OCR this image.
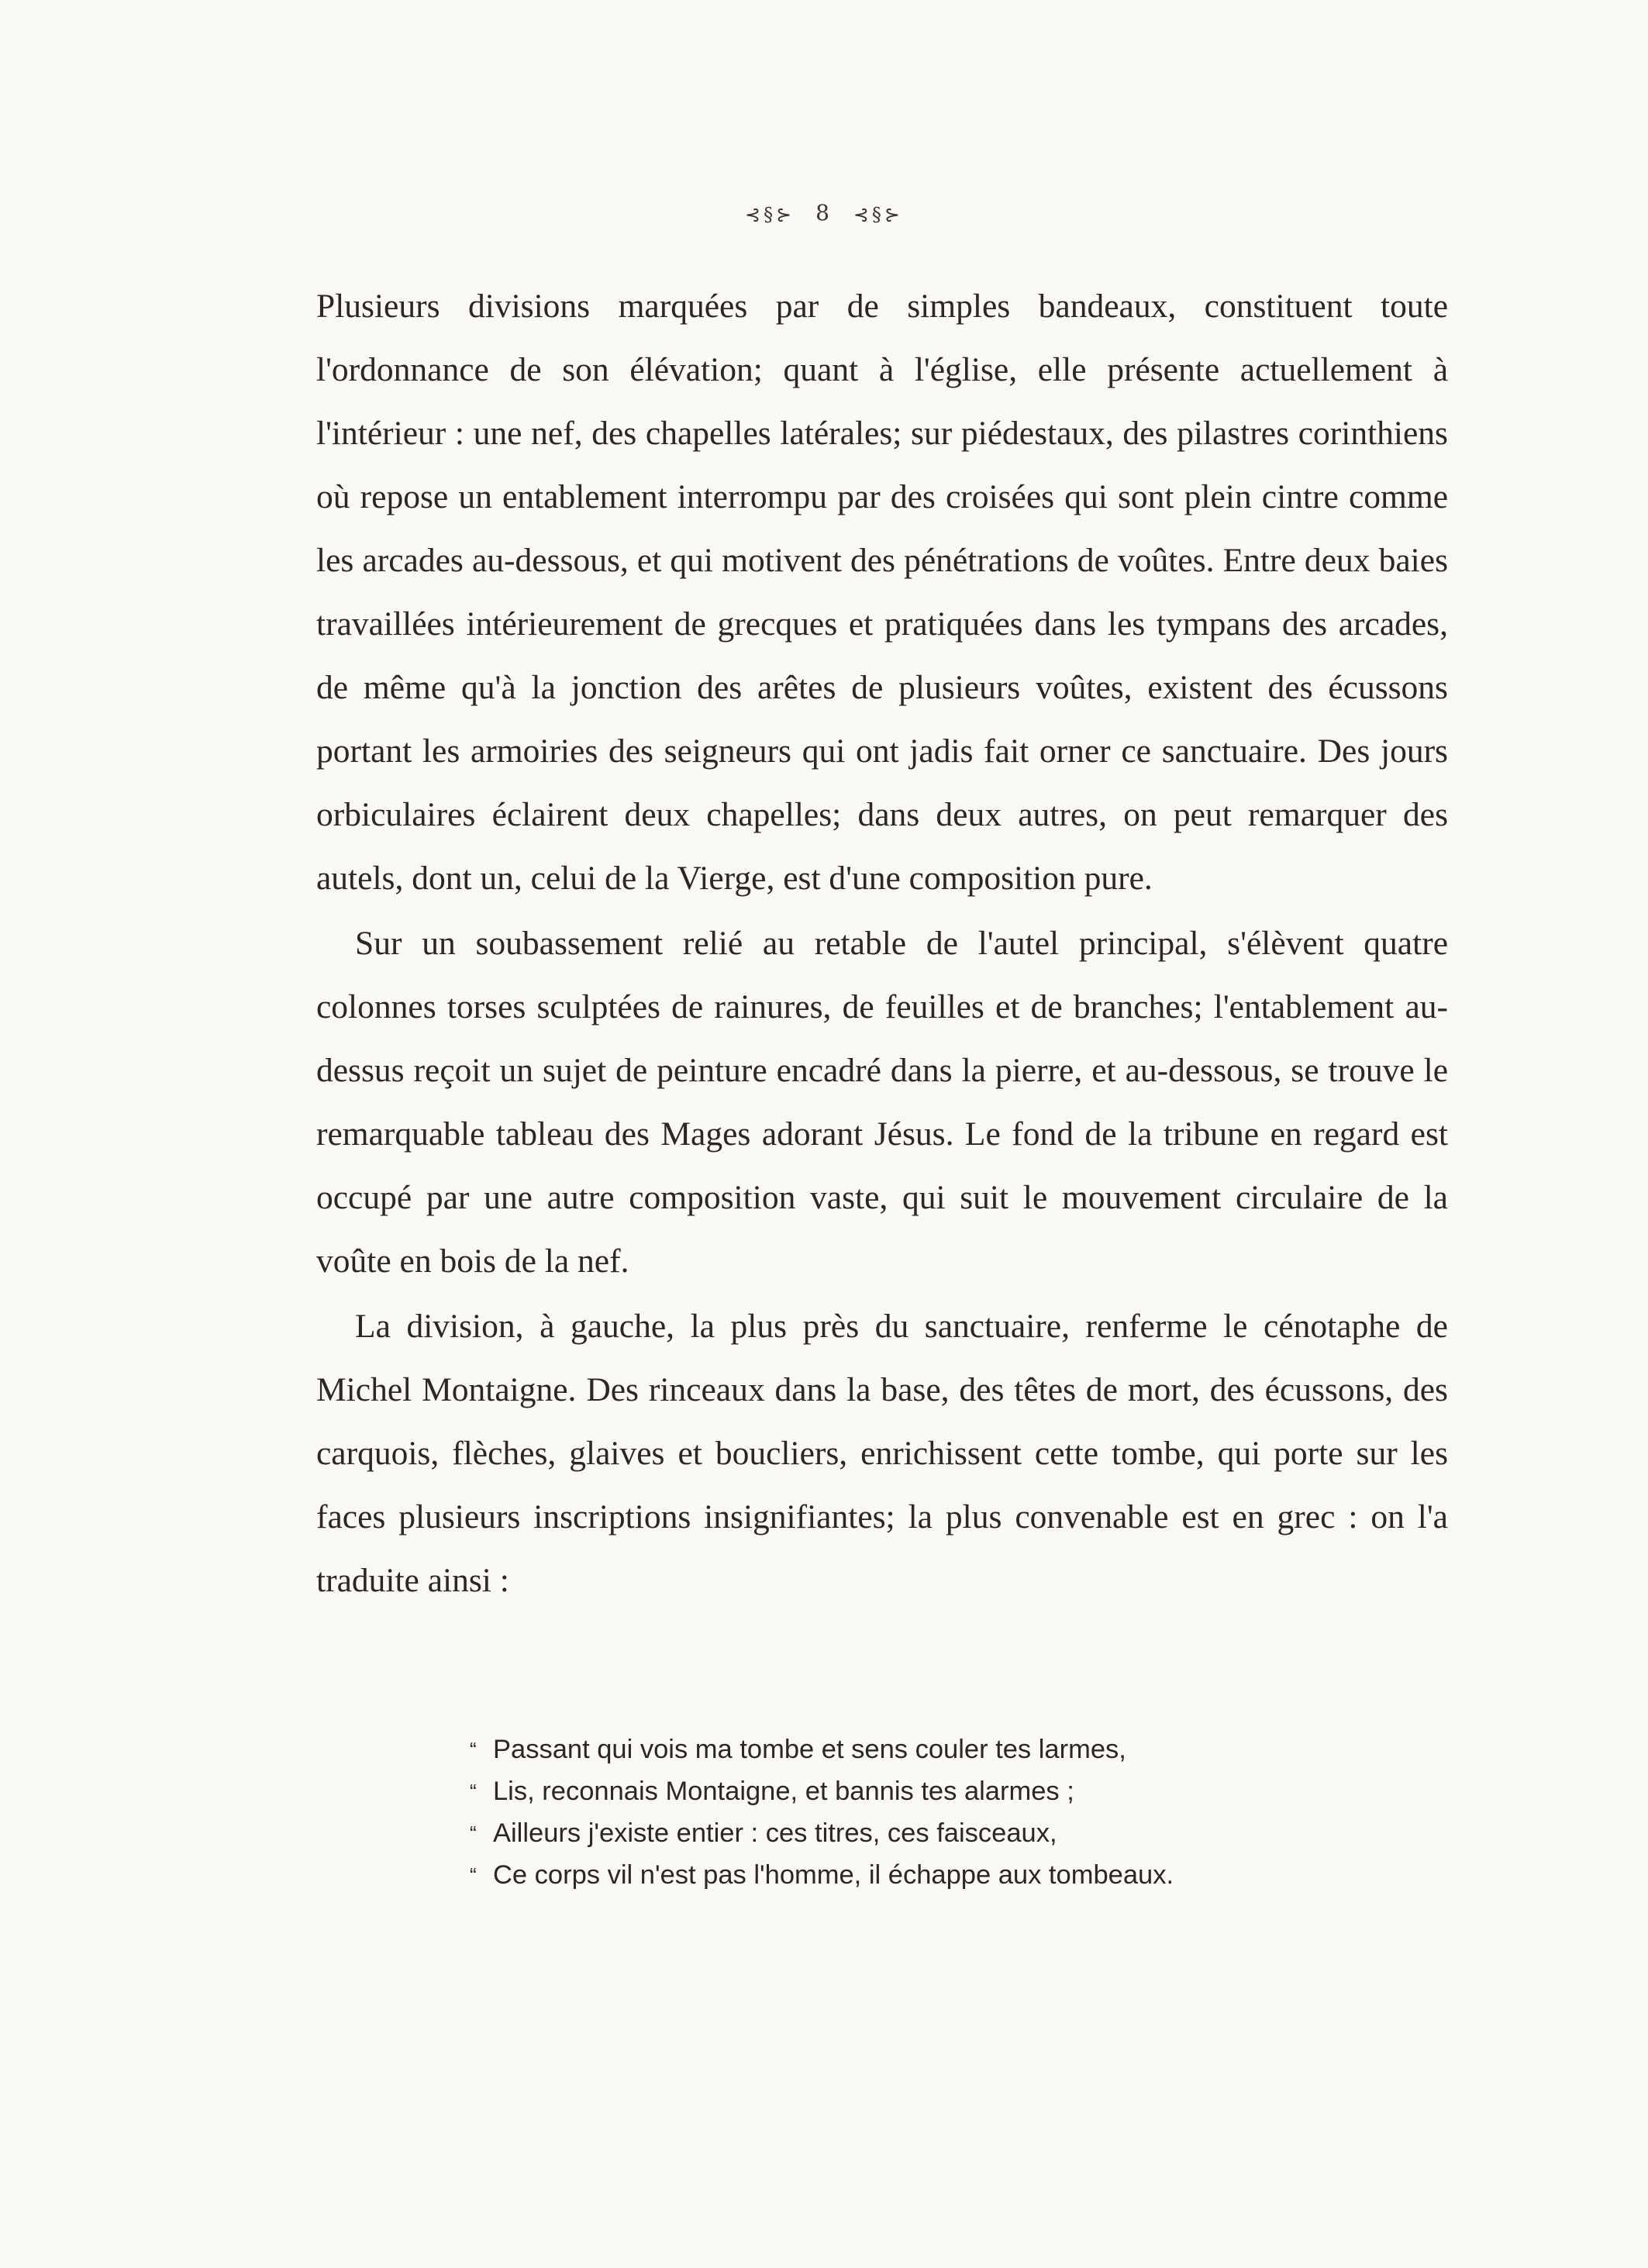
⊰§⊱ 8 ⊰§⊱

Plusieurs divisions marquées par de simples bandeaux, constituent toute l'ordonnance de son élévation; quant à l'église, elle présente actuellement à l'intérieur : une nef, des chapelles latérales; sur piédestaux, des pilastres corinthiens où repose un entablement interrompu par des croisées qui sont plein cintre comme les arcades au-dessous, et qui motivent des pénétrations de voûtes. Entre deux baies travaillées intérieurement de grecques et pratiquées dans les tympans des arcades, de même qu'à la jonction des arêtes de plusieurs voûtes, existent des écussons portant les armoiries des seigneurs qui ont jadis fait orner ce sanctuaire. Des jours orbiculaires éclairent deux chapelles; dans deux autres, on peut remarquer des autels, dont un, celui de la Vierge, est d'une composition pure.

Sur un soubassement relié au retable de l'autel principal, s'élèvent quatre colonnes torses sculptées de rainures, de feuilles et de branches; l'entablement au-dessus reçoit un sujet de peinture encadré dans la pierre, et au-dessous, se trouve le remarquable tableau des Mages adorant Jésus. Le fond de la tribune en regard est occupé par une autre composition vaste, qui suit le mouvement circulaire de la voûte en bois de la nef.

La division, à gauche, la plus près du sanctuaire, renferme le cénotaphe de Michel Montaigne. Des rinceaux dans la base, des têtes de mort, des écussons, des carquois, flèches, glaives et boucliers, enrichissent cette tombe, qui porte sur les faces plusieurs inscriptions insignifiantes; la plus convenable est en grec : on l'a traduite ainsi :

“ Passant qui vois ma tombe et sens couler tes larmes,
“ Lis, reconnais Montaigne, et bannis tes alarmes ;
“ Ailleurs j'existe entier : ces titres, ces faisceaux,
“ Ce corps vil n'est pas l'homme, il échappe aux tombeaux.
